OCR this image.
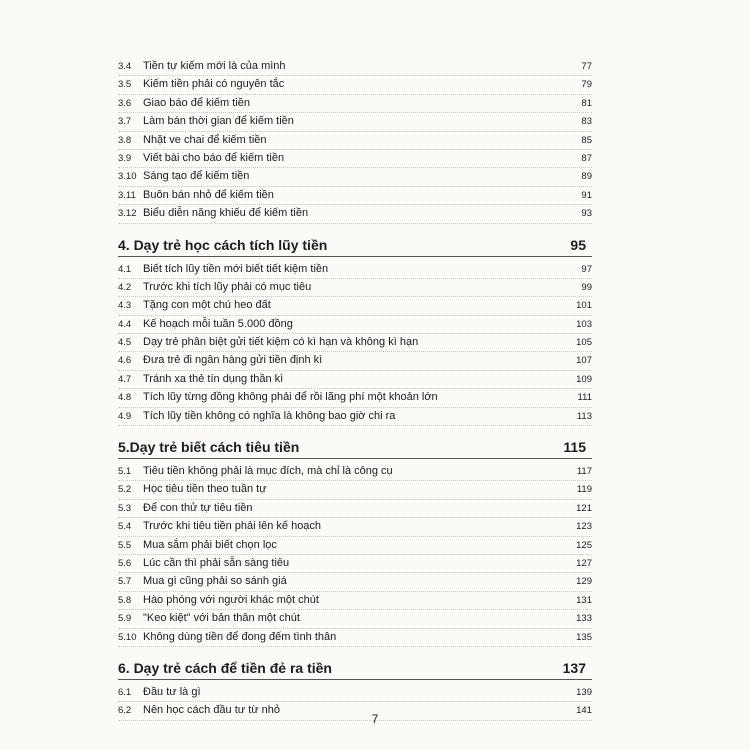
3.4	Tiền tự kiếm mới là của mình	77
3.5	Kiếm tiền phải có nguyên tắc	79
3.6	Giao báo để kiếm tiền	81
3.7	Làm bán thời gian để kiếm tiền	83
3.8	Nhặt ve chai để kiếm tiền	85
3.9	Viết bài cho báo để kiếm tiền	87
3.10 Sáng tạo để kiếm tiền	89
3.11 Buôn bán nhỏ để kiếm tiền	91
3.12 Biểu diễn năng khiếu để kiếm tiền	93
4. Dạy trẻ học cách tích lũy tiền	95
4.1	Biết tích lũy tiền mới biết tiết kiệm tiền	97
4.2	Trước khi tích lũy phải có mục tiêu	99
4.3	Tặng con một chú heo đất	101
4.4	Kế hoạch mỗi tuần 5.000 đồng	103
4.5	Dạy trẻ phân biệt gửi tiết kiệm có kì hạn và không kì hạn	105
4.6	Đưa trẻ đi ngân hàng gửi tiền định kì	107
4.7	Tránh xa thẻ tín dụng thần kì	109
4.8	Tích lũy từng đồng không phải để rồi lãng phí một khoản lớn	111
4.9	Tích lũy tiền không có nghĩa là không bao giờ chi ra	113
5.Dạy trẻ biết cách tiêu tiền	115
5.1	Tiêu tiền không phải là mục đích, mà chỉ là công cụ	117
5.2	Học tiêu tiền theo tuần tự	119
5.3	Để con thử tự tiêu tiền	121
5.4	Trước khi tiêu tiền phải lên kế hoạch	123
5.5	Mua sắm phải biết chọn lọc	125
5.6	Lúc cần thì phải sẵn sàng tiêu	127
5.7	Mua gì cũng phải so sánh giá	129
5.8	Hào phóng với người khác một chút	131
5.9	"Keo kiệt" với bản thân một chút	133
5.10 Không dùng tiền để đong đếm tình thân	135
6. Dạy trẻ cách để tiền đẻ ra tiền	137
6.1	Đầu tư là gì	139
6.2	Nên học cách đầu tư từ nhỏ	141
7
